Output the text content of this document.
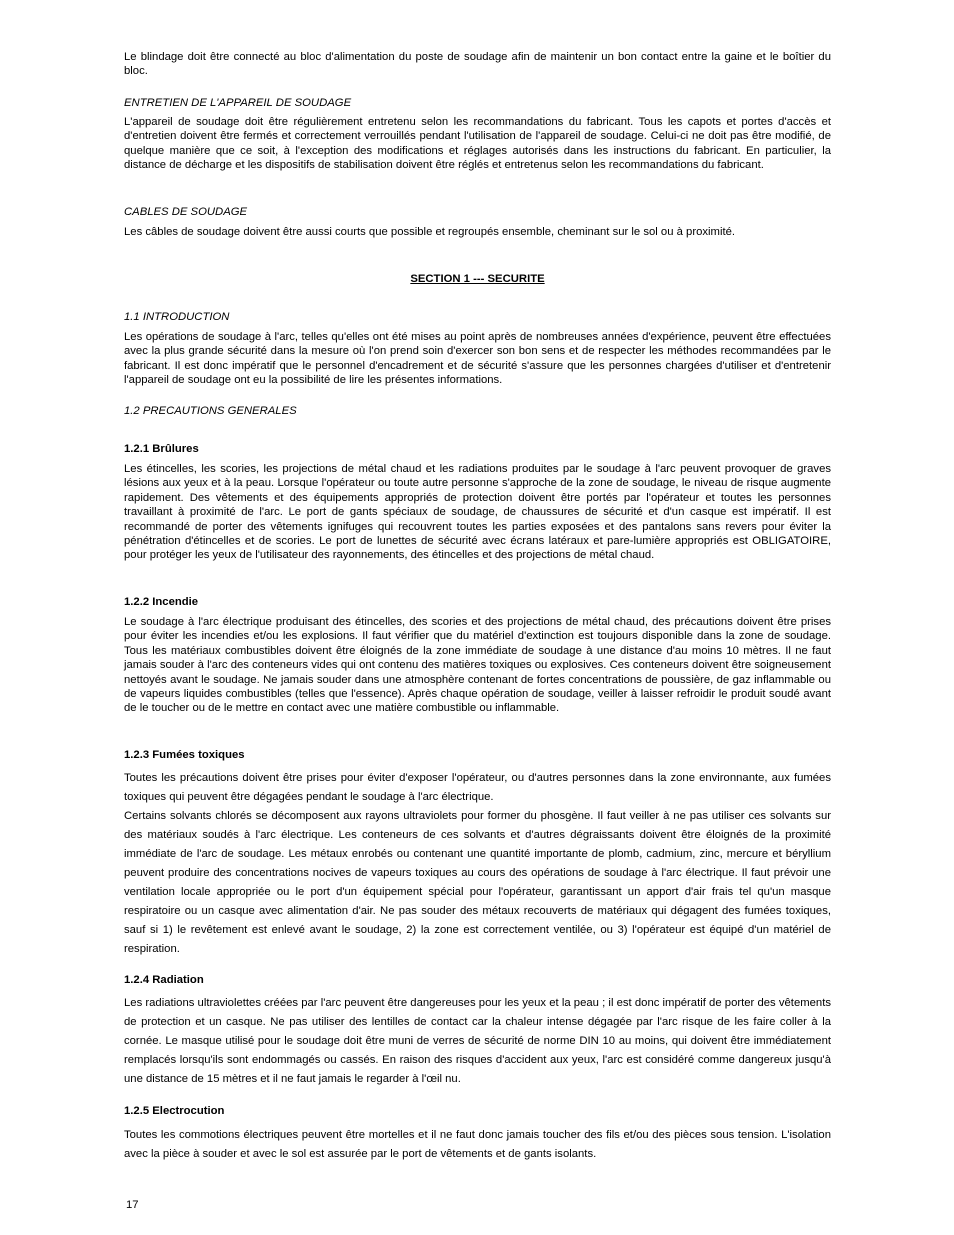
Le blindage doit être connecté au bloc d'alimentation du poste de soudage afin de maintenir un bon contact entre la gaine et le boîtier du bloc.

ENTRETIEN DE L'APPAREIL DE SOUDAGE

L'appareil de soudage doit être régulièrement entretenu selon les recommandations du fabricant. Tous les capots et portes d'accès et d'entretien doivent être fermés et correctement verrouillés pendant l'utilisation de l'appareil de soudage. Celui-ci ne doit pas être modifié, de quelque manière que ce soit, à l'exception des modifications et réglages autorisés dans les instructions du fabricant. En particulier, la distance de décharge et les dispositifs de stabilisation doivent être réglés et entretenus selon les recommandations du fabricant.

CABLES DE SOUDAGE

Les câbles de soudage doivent être aussi courts que possible et regroupés ensemble, cheminant sur le sol ou à proximité.

SECTION 1 --- SECURITE

1.1 INTRODUCTION

Les opérations de soudage à l'arc, telles qu'elles ont été mises au point après de nombreuses années d'expérience, peuvent être effectuées avec la plus grande sécurité dans la mesure où l'on prend soin d'exercer son bon sens et de respecter les méthodes recommandées par le fabricant. Il est donc impératif que le personnel d'encadrement et de sécurité s'assure que les personnes chargées d'utiliser et d'entretenir l'appareil de soudage ont eu la possibilité de lire les présentes informations.

1.2 PRECAUTIONS GENERALES

1.2.1 Brûlures

Les étincelles, les scories, les projections de métal chaud et les radiations produites par le soudage à l'arc peuvent provoquer de graves lésions aux yeux et à la peau. Lorsque l'opérateur ou toute autre personne s'approche de la zone de soudage, le niveau de risque augmente rapidement. Des vêtements et des équipements appropriés de protection doivent être portés par l'opérateur et toutes les personnes travaillant à proximité de l'arc. Le port de gants spéciaux de soudage, de chaussures de sécurité et d'un casque est impératif. Il est recommandé de porter des vêtements ignifuges qui recouvrent toutes les parties exposées et des pantalons sans revers pour éviter la pénétration d'étincelles et de scories. Le port de lunettes de sécurité avec écrans latéraux et pare-lumière appropriés est OBLIGATOIRE, pour protéger les yeux de l'utilisateur des rayonnements, des étincelles et des projections de métal chaud.

1.2.2 Incendie

Le soudage à l'arc électrique produisant des étincelles, des scories et des projections de métal chaud, des précautions doivent être prises pour éviter les incendies et/ou les explosions. Il faut vérifier que du matériel d'extinction est toujours disponible dans la zone de soudage. Tous les matériaux combustibles doivent être éloignés de la zone immédiate de soudage à une distance d'au moins 10 mètres. Il ne faut jamais souder à l'arc des conteneurs vides qui ont contenu des matières toxiques ou explosives. Ces conteneurs doivent être soigneusement nettoyés avant le soudage. Ne jamais souder dans une atmosphère contenant de fortes concentrations de poussière, de gaz inflammable ou de vapeurs liquides combustibles (telles que l'essence). Après chaque opération de soudage, veiller à laisser refroidir le produit soudé avant de le toucher ou de le mettre en contact avec une matière combustible ou inflammable.

1.2.3 Fumées toxiques

Toutes les précautions doivent être prises pour éviter d'exposer l'opérateur, ou d'autres personnes dans la zone environnante, aux fumées toxiques qui peuvent être dégagées pendant le soudage à l'arc électrique.

Certains solvants chlorés se décomposent aux rayons ultraviolets pour former du phosgène. Il faut veiller à ne pas utiliser ces solvants sur des matériaux soudés à l'arc électrique. Les conteneurs de ces solvants et d'autres dégraissants doivent être éloignés de la proximité immédiate de l'arc de soudage. Les métaux enrobés ou contenant une quantité importante de plomb, cadmium, zinc, mercure et béryllium peuvent produire des concentrations nocives de vapeurs toxiques au cours des opérations de soudage à l'arc électrique. Il faut prévoir une ventilation locale appropriée ou le port d'un équipement spécial pour l'opérateur, garantissant un apport d'air frais tel qu'un masque respiratoire ou un casque avec alimentation d'air. Ne pas souder des métaux recouverts de matériaux qui dégagent des fumées toxiques, sauf si 1) le revêtement est enlevé avant le soudage, 2) la zone est correctement ventilée, ou 3) l'opérateur est équipé d'un matériel de respiration.

1.2.4 Radiation

Les radiations ultraviolettes créées par l'arc peuvent être dangereuses pour les yeux et la peau ; il est donc impératif de porter des vêtements de protection et un casque. Ne pas utiliser des lentilles de contact car la chaleur intense dégagée par l'arc risque de les faire coller à la cornée. Le masque utilisé pour le soudage doit être muni de verres de sécurité de norme DIN 10 au moins, qui doivent être immédiatement remplacés lorsqu'ils sont endommagés ou cassés. En raison des risques d'accident aux yeux, l'arc est considéré comme dangereux jusqu'à une distance de 15 mètres et il ne faut jamais le regarder à l'œil nu.

1.2.5 Electrocution

Toutes les commotions électriques peuvent être mortelles et il ne faut donc jamais toucher des fils et/ou des pièces sous tension. L'isolation avec la pièce à souder et avec le sol est assurée par le port de vêtements et de gants isolants.

17
